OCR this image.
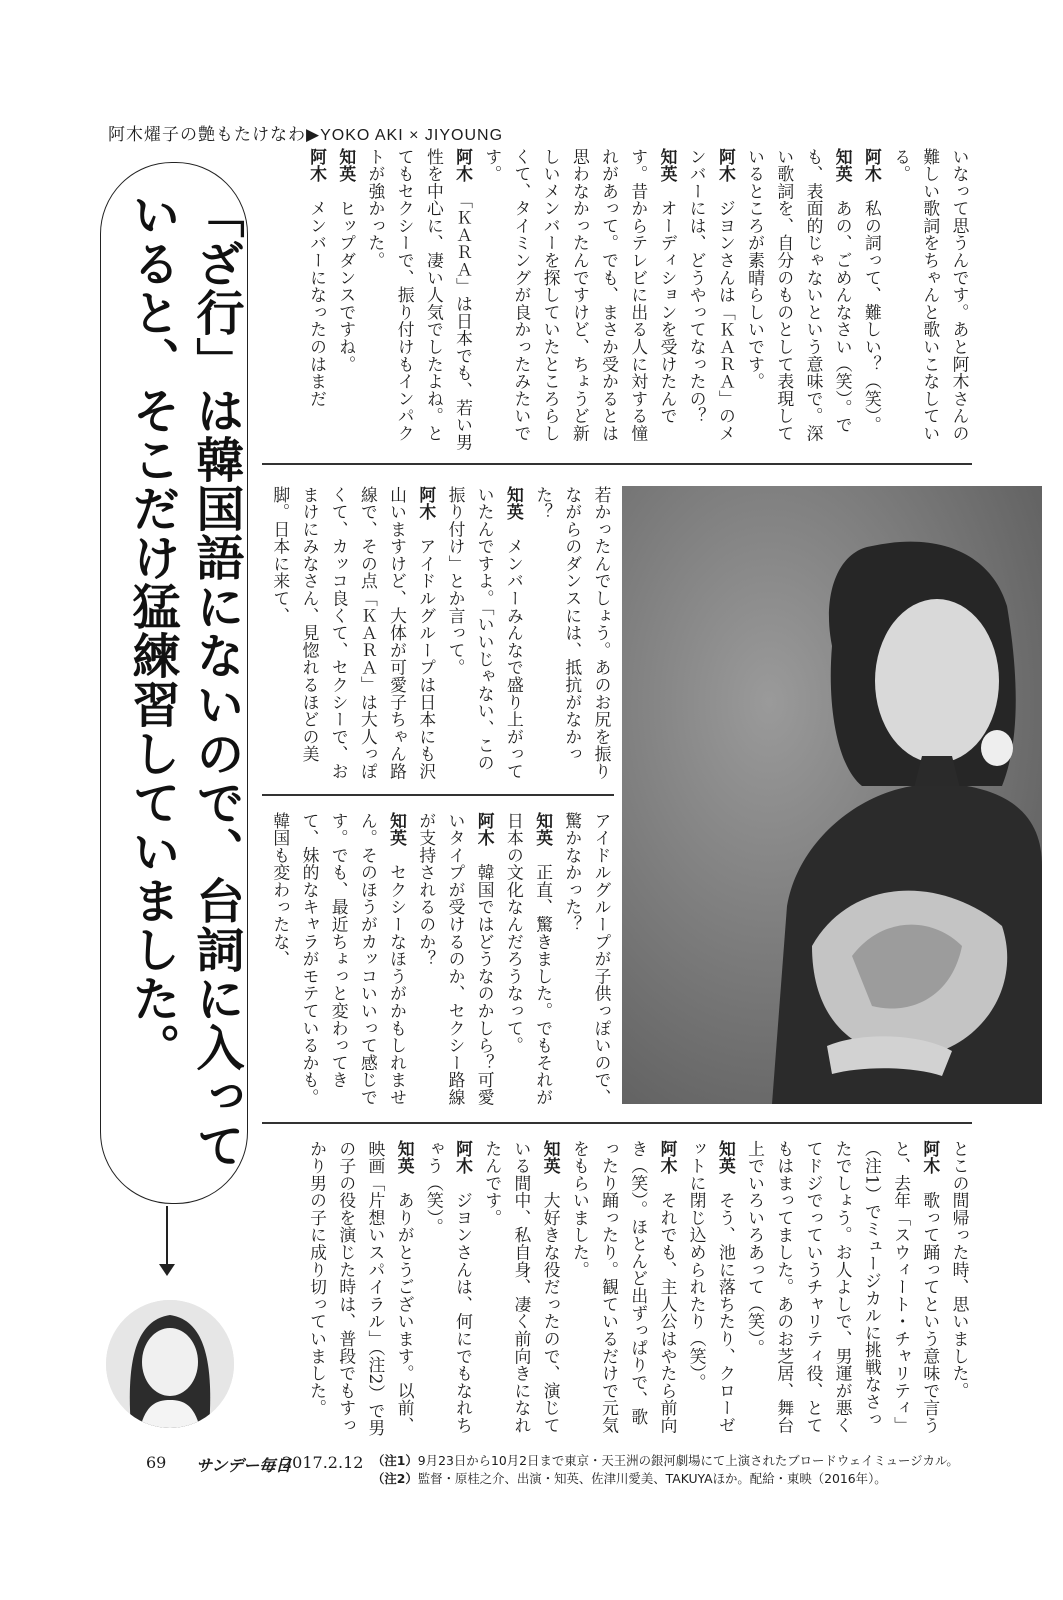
阿木燿子の艶もたけなわ▶YOKO AKI × JIYOUNG

いなって思うんです。あと阿木さんの難しい歌詞をちゃんと歌いこなしている。

阿木　私の詞って、難しい？（笑）。

知英　あの、ごめんなさい（笑）。でも、表面的じゃないという意味で。深い歌詞を、自分のものとして表現しているところが素晴らしいです。

阿木　ジヨンさんは「ＫＡＲＡ」のメンバーには、どうやってなったの？

知英　オーディションを受けたんです。昔からテレビに出る人に対する憧れがあって。でも、まさか受かるとは思わなかったんですけど、ちょうど新しいメンバーを探していたところらしくて、タイミングが良かったみたいです。

阿木　「ＫＡＲＡ」は日本でも、若い男性を中心に、凄い人気でしたよね。とてもセクシーで、振り付けもインパクトが強かった。

知英　ヒップダンスですね。

阿木　メンバーになったのはまだ

若かったんでしょう。あのお尻を振りながらのダンスには、抵抗がなかった？

知英　メンバーみんなで盛り上がっていたんですよ。「いいじゃない、この振り付け」とか言って。

阿木　アイドルグループは日本にも沢山いますけど、大体が可愛子ちゃん路線で、その点「ＫＡＲＡ」は大人っぽくて、カッコ良くて、セクシーで、おまけにみなさん、見惚れるほどの美脚。日本に来て、

アイドルグループが子供っぽいので、驚かなかった？

知英　正直、驚きました。でもそれが日本の文化なんだろうなって。

阿木　韓国ではどうなのかしら？可愛いタイプが受けるのか、セクシー路線が支持されるのか？

知英　セクシーなほうがかもしれません。そのほうがカッコいいって感じです。でも、最近ちょっと変わってきて、妹的なキャラがモテているかも。韓国も変わったな、

とこの間帰った時、思いました。

阿木　歌って踊ってという意味で言うと、去年「スウィート・チャリティ」（注1）でミュージカルに挑戦なさったでしょう。お人よしで、男運が悪くてドジでっていうチャリティ役、とてもはまってました。あのお芝居、舞台上でいろいろあって（笑）。

知英　そう、池に落ちたり、クローゼットに閉じ込められたり（笑）。

阿木　それでも、主人公はやたら前向き（笑）。ほとんど出ずっぱりで、歌ったり踊ったり。観ているだけで元気をもらいました。

知英　大好きな役だったので、演じている間中、私自身、凄く前向きになれたんです。

阿木　ジヨンさんは、何にでもなれちゃう（笑）。

知英　ありがとうございます。以前、映画「片想いスパイラル」（注2）で男の子の役を演じた時は、普段でもすっかり男の子に成り切っていました。

「ざ行」は韓国語にないので、台詞に入って

いると、そこだけ猛練習していました。

69 サンデー毎日
2017.2.12 （注1）9月23日から10月2日まで東京・天王洲の銀河劇場にて上演されたブロードウェイミュージカル。
（注2）監督・原桂之介、出演・知英、佐津川愛美、TAKUYAほか。配給・東映（2016年）。
